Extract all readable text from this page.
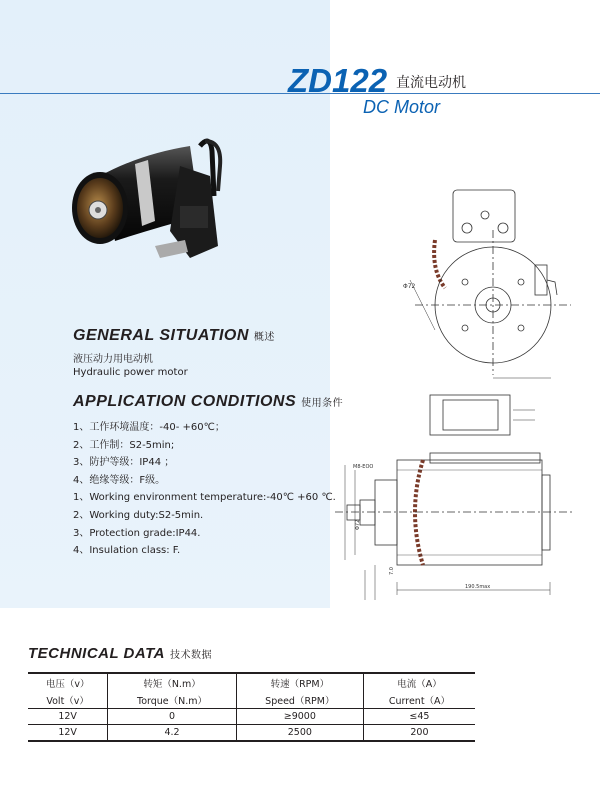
ZD122 直流电动机
DC Motor
GENERAL SITUATION 概述
液压动力用电动机
Hydraulic power motor
APPLICATION CONDITIONS 使用条件
1、工作环境温度：-40- +60℃；
2、工作制：S2-5min;
3、防护等级：IP44 ；
4、绝缘等级：F级。
1、Working environment temperature:-40℃ +60 ℃.
2、Working duty:S2-5min.
3、Protection grade:IP44.
4、Insulation class: F.
Φ72
M8-EOO
Φ72
7.0
190.5max
TECHNICAL DATA 技术数据
电压（v）	转矩（N.m）	转速（RPM）	电流（A）
Volt（v）	Torque（N.m）	Speed（RPM）	Current（A）
12V	0	≥9000	≤45
12V	4.2	2500	200
